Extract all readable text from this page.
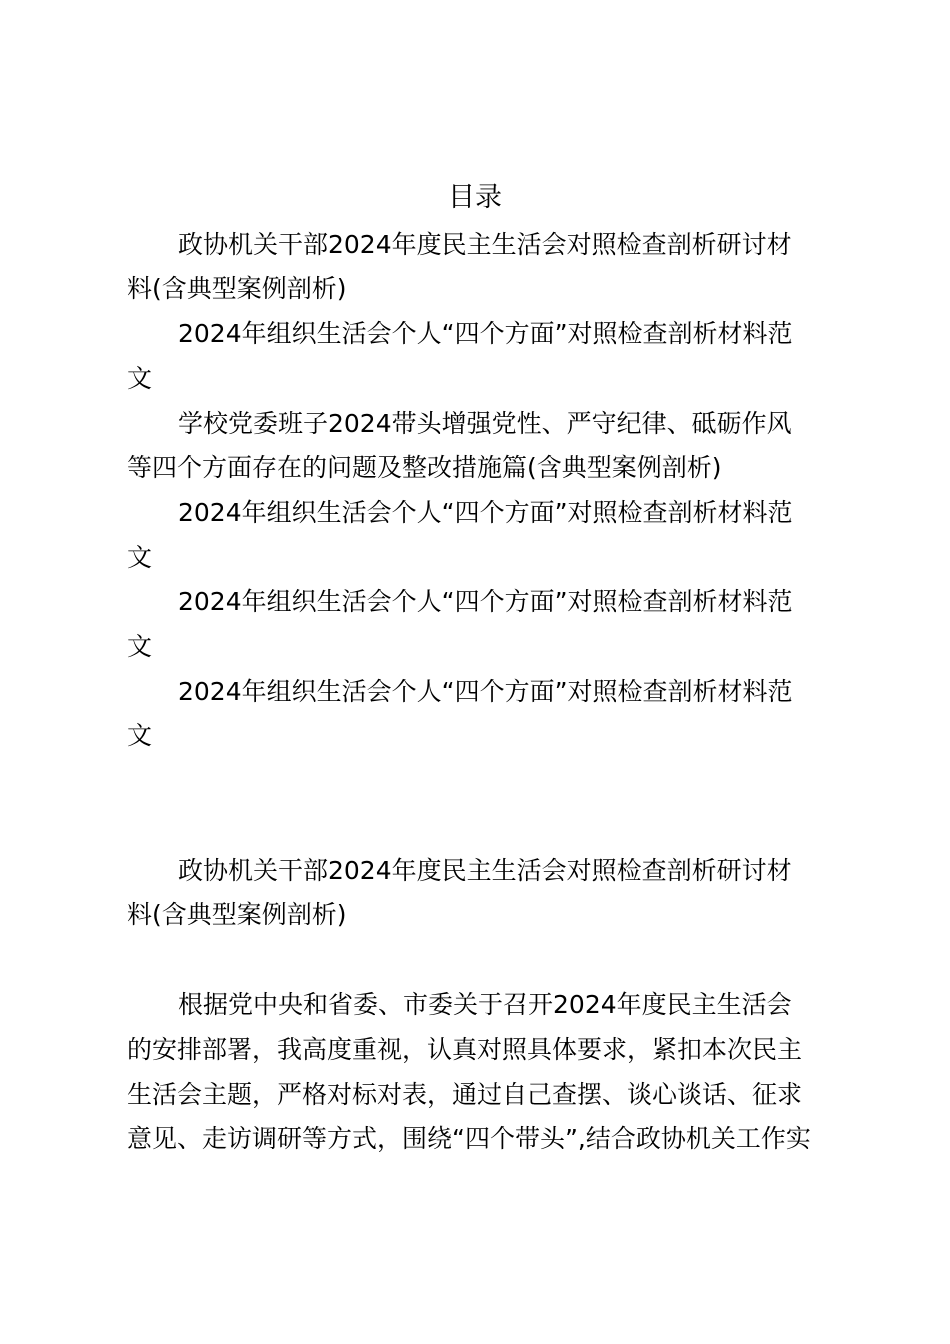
目录
政协机关干部2024年度民主生活会对照检查剖析研讨材
料(含典型案例剖析)
2024年组织生活会个人“四个方面”对照检查剖析材料范
文
学校党委班子2024带头增强党性、严守纪律、砥砺作风
等四个方面存在的问题及整改措施篇(含典型案例剖析)
2024年组织生活会个人“四个方面”对照检查剖析材料范
文
2024年组织生活会个人“四个方面”对照检查剖析材料范
文
2024年组织生活会个人“四个方面”对照检查剖析材料范
文
政协机关干部2024年度民主生活会对照检查剖析研讨材
料(含典型案例剖析)
根据党中央和省委、市委关于召开2024年度民主生活会
的安排部署，我高度重视，认真对照具体要求，紧扣本次民主
生活会主题，严格对标对表，通过自己查摆、谈心谈话、征求
意见、走访调研等方式，围绕“四个带头”,结合政协机关工作实
